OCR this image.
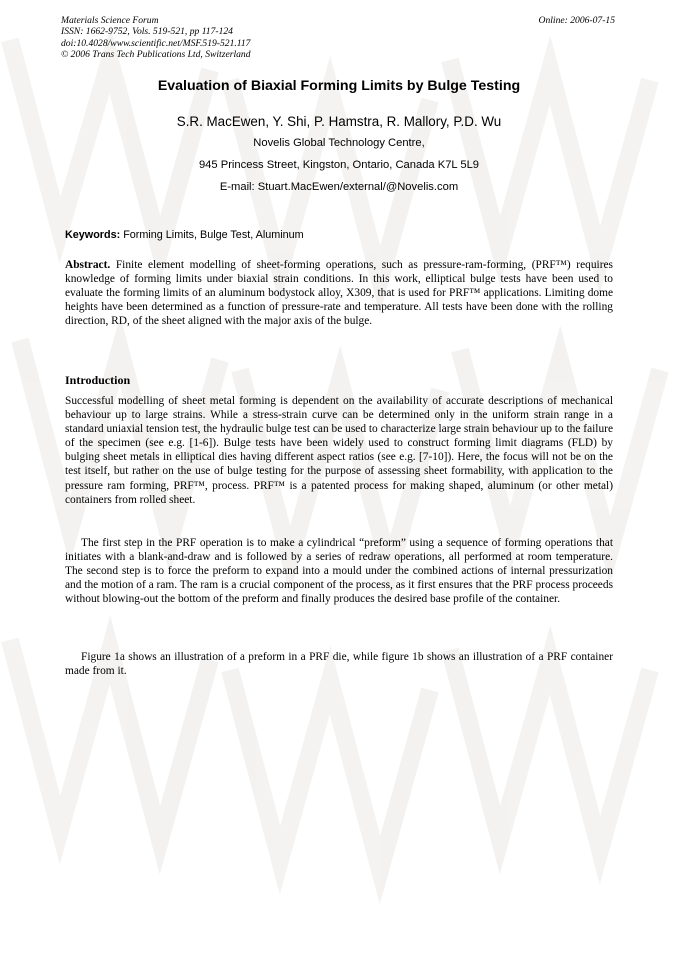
Materials Science Forum
ISSN: 1662-9752, Vols. 519-521, pp 117-124
doi:10.4028/www.scientific.net/MSF.519-521.117
© 2006 Trans Tech Publications Ltd, Switzerland
Online: 2006-07-15
Evaluation of Biaxial Forming Limits by Bulge Testing
S.R. MacEwen, Y. Shi, P. Hamstra, R. Mallory, P.D. Wu
Novelis Global Technology Centre,
945 Princess Street, Kingston, Ontario, Canada K7L 5L9
E-mail: Stuart.MacEwen/external/@Novelis.com
Keywords: Forming Limits, Bulge Test, Aluminum

Abstract. Finite element modelling of sheet-forming operations, such as pressure-ram-forming, (PRF™) requires knowledge of forming limits under biaxial strain conditions. In this work, elliptical bulge tests have been used to evaluate the forming limits of an aluminum bodystock alloy, X309, that is used for PRF™ applications. Limiting dome heights have been determined as a function of pressure-rate and temperature. All tests have been done with the rolling direction, RD, of the sheet aligned with the major axis of the bulge.

Introduction

Successful modelling of sheet metal forming is dependent on the availability of accurate descriptions of mechanical behaviour up to large strains. While a stress-strain curve can be determined only in the uniform strain range in a standard uniaxial tension test, the hydraulic bulge test can be used to characterize large strain behaviour up to the failure of the specimen (see e.g. [1-6]). Bulge tests have been widely used to construct forming limit diagrams (FLD) by bulging sheet metals in elliptical dies having different aspect ratios (see e.g. [7-10]). Here, the focus will not be on the test itself, but rather on the use of bulge testing for the purpose of assessing sheet formability, with application to the pressure ram forming, PRF™, process. PRF™ is a patented process for making shaped, aluminum (or other metal) containers from rolled sheet.

The first step in the PRF operation is to make a cylindrical “preform” using a sequence of forming operations that initiates with a blank-and-draw and is followed by a series of redraw operations, all performed at room temperature. The second step is to force the preform to expand into a mould under the combined actions of internal pressurization and the motion of a ram. The ram is a crucial component of the process, as it first ensures that the PRF process proceeds without blowing-out the bottom of the preform and finally produces the desired base profile of the container.

Figure 1a shows an illustration of a preform in a PRF die, while figure 1b shows an illustration of a PRF container made from it.
